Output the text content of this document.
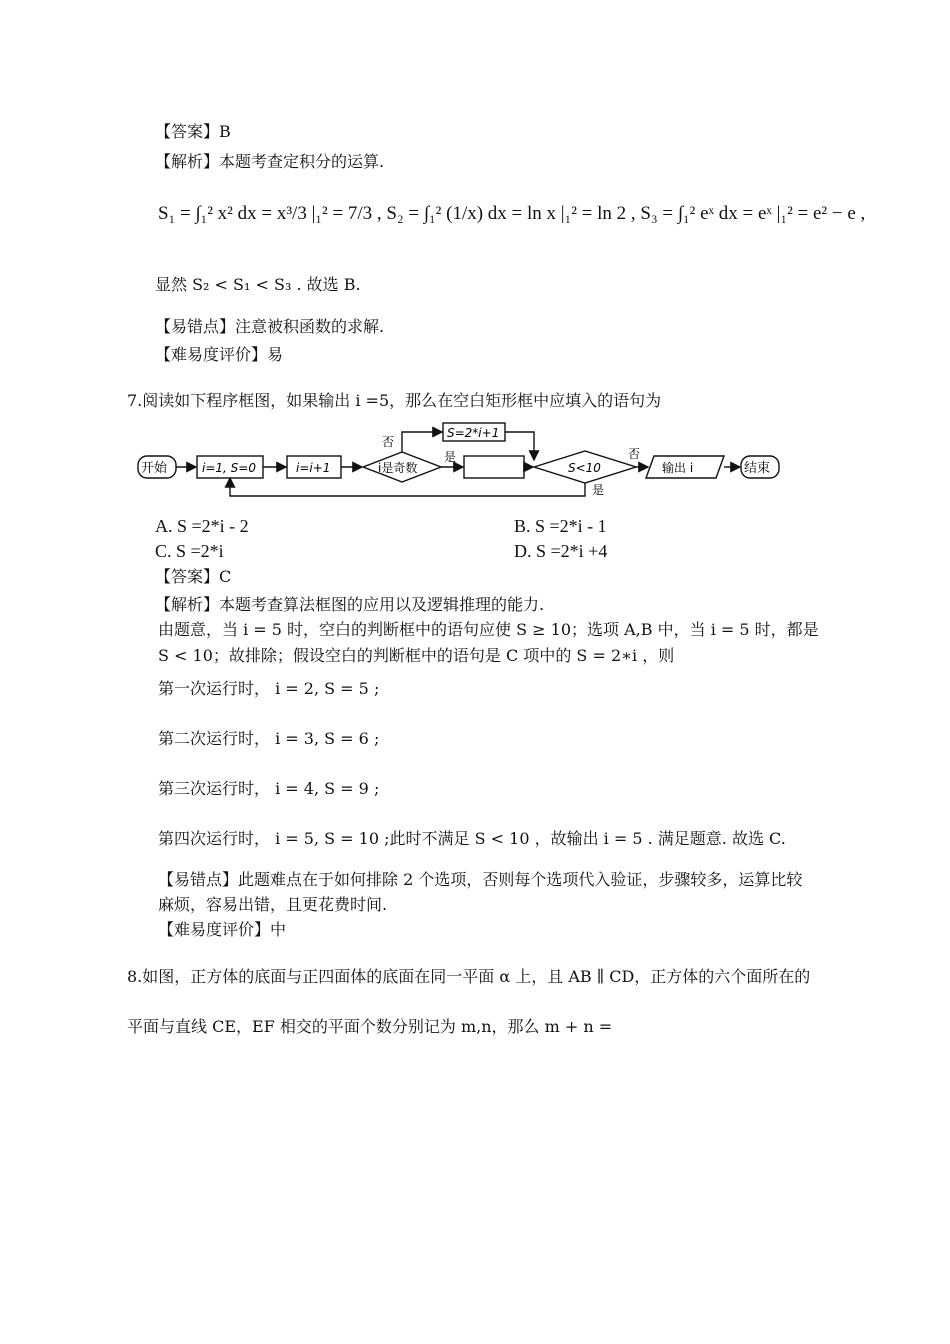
【答案】B
【解析】本题考查定积分的运算.
S₁ = ∫₁² x² dx = x³/3 |₁² = 7/3 , S₂ = ∫₁² (1/x) dx = ln x |₁² = ln 2 , S₃ = ∫₁² eˣ dx = eˣ |₁² = e² − e ,
显然 S₂ < S₁ < S₃ . 故选 B.
【易错点】注意被积函数的求解.
【难易度评价】易
7.阅读如下程序框图，如果输出 i =5，那么在空白矩形框中应填入的语句为
开始	i=1, S=0	i=i+1	i是奇数
否
是
S=2*i+1
S<10
否
是
输出 i	结束
A. S =2*i - 2	B. S =2*i - 1
C. S =2*i	D. S =2*i +4
【答案】C
【解析】本题考查算法框图的应用以及逻辑推理的能力.
由题意，当 i = 5 时，空白的判断框中的语句应使 S ≥ 10；选项 A,B 中，当 i = 5 时，都是
S < 10；故排除；假设空白的判断框中的语句是 C 项中的 S = 2∗i ，则
第一次运行时， i = 2, S = 5 ;
第二次运行时， i = 3, S = 6 ;
第三次运行时， i = 4, S = 9 ;
第四次运行时， i = 5, S = 10 ;此时不满足 S < 10 ，故输出 i = 5 . 满足题意. 故选 C.
【易错点】此题难点在于如何排除 2 个选项，否则每个选项代入验证，步骤较多，运算比较
麻烦，容易出错，且更花费时间.
【难易度评价】中
8.如图，正方体的底面与正四面体的底面在同一平面 α 上，且 AB ∥ CD，正方体的六个面所在的
平面与直线 CE，EF 相交的平面个数分别记为 m,n，那么 m + n =
